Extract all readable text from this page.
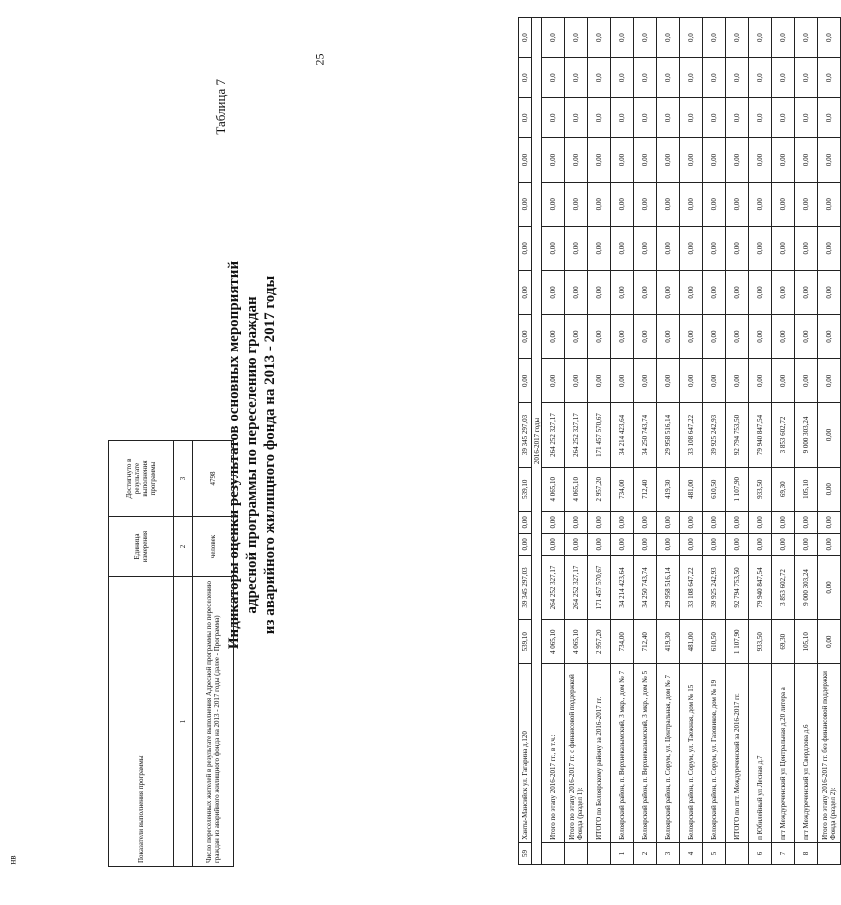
25
нв
59	Ханты-Мансийск ул. Гагарина д.120	539,10	39 345 297,03	0,00	0,00	539,10	39 345 297,03	0,00	0,00	0,00	0,00	0,00	0,00	0,0	0,0	0,0
2016-2017 годы																
	Итого по этапу 2016-2017 гг., в т.ч.:	4 065,10	264 252 327,17	0,00	0,00	4 065,10	264 252 327,17	0,00	0,00	0,00	0,00	0,00	0,00	0,0	0,0	0,0
	Итого по этапу 2016-2017 гг. с финансовой поддержкой Фонда (раздел 1):	4 065,10	264 252 327,17	0,00	0,00	4 065,10	264 252 327,17	0,00	0,00	0,00	0,00	0,00	0,00	0,0	0,0	0,0
	ИТОГО по Белоярскому району за 2016-2017 гг.	2 957,20	171 457 570,67	0,00	0,00	2 957,20	171 457 570,67	0,00	0,00	0,00	0,00	0,00	0,00	0,0	0,0	0,0
1	Белоярский район, п. Верхнеказымский, 3 мкр., дом № 7	734,00	34 214 423,64	0,00	0,00	734,00	34 214 423,64	0,00	0,00	0,00	0,00	0,00	0,00	0,0	0,0	0,0
2	Белоярский район, п. Верхнеказымский, 3 мкр., дом № 5	712,40	34 250 743,74	0,00	0,00	712,40	34 250 743,74	0,00	0,00	0,00	0,00	0,00	0,00	0,0	0,0	0,0
3	Белоярский район, п. Сорум, ул. Центральная, дом № 7	419,30	29 958 516,14	0,00	0,00	419,30	29 958 516,14	0,00	0,00	0,00	0,00	0,00	0,00	0,0	0,0	0,0
4	Белоярский район, п. Сорум, ул. Таежная, дом № 15	481,00	33 108 647,22	0,00	0,00	481,00	33 108 647,22	0,00	0,00	0,00	0,00	0,00	0,00	0,0	0,0	0,0
5	Белоярский район, п. Сорум, ул. Газовиков, дом № 19	610,50	39 925 242,93	0,00	0,00	610,50	39 925 242,93	0,00	0,00	0,00	0,00	0,00	0,00	0,0	0,0	0,0
	ИТОГО по пгт. Междуреченский за 2016-2017 гг.	1 107,90	92 794 753,50	0,00	0,00	1 107,90	92 794 753,50	0,00	0,00	0,00	0,00	0,00	0,00	0,0	0,0	0,0
6	п Юбилейный ул Лесная д.7	933,50	79 940 847,54	0,00	0,00	933,50	79 940 847,54	0,00	0,00	0,00	0,00	0,00	0,00	0,0	0,0	0,0
7	пгт Междуреченский ул Центральная д.20 литера а	69,30	3 853 602,72	0,00	0,00	69,30	3 853 602,72	0,00	0,00	0,00	0,00	0,00	0,00	0,0	0,0	0,0
8	пгт Междуреченский ул Свердлова д.6	105,10	9 000 303,24	0,00	0,00	105,10	9 000 303,24	0,00	0,00	0,00	0,00	0,00	0,00	0,0	0,0	0,0
	Итого по этапу 2016-2017 гг. без финансовой поддержки Фонда (раздел 2):	0,00	0,00	0,00	0,00	0,00	0,00	0,00	0,00	0,00	0,00	0,00	0,00	0,0	0,0	0,0
Таблица 7
Индикаторы оценки результатов основных мероприятий адресной программы по переселению граждан из аварийного жилищного фонда на 2013 - 2017 годы
Показатели выполнения программы	Единица измерения	Достигнуто в результате выполнения программы
1	2	3
Число переселенных жителей в результате выполнения Адресной программы по переселению граждан из аварийного жилищного фонда на 2013 - 2017 годы (далее - Программа)	человек	4798
